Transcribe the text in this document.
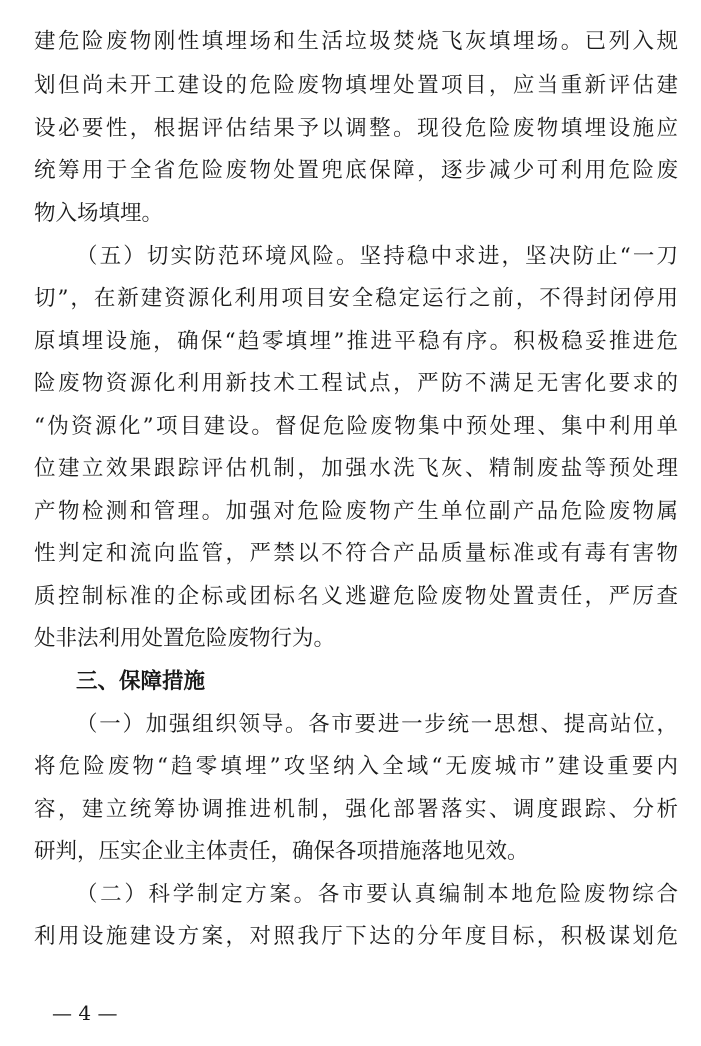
建危险废物刚性填埋场和生活垃圾焚烧飞灰填埋场。已列入规
划但尚未开工建设的危险废物填埋处置项目，应当重新评估建
设必要性，根据评估结果予以调整。现役危险废物填埋设施应
统筹用于全省危险废物处置兜底保障，逐步减少可利用危险废
物入场填埋。
（五）切实防范环境风险。坚持稳中求进，坚决防止“一刀
切”，在新建资源化利用项目安全稳定运行之前，不得封闭停用
原填埋设施，确保“趋零填埋”推进平稳有序。积极稳妥推进危
险废物资源化利用新技术工程试点，严防不满足无害化要求的
“伪资源化”项目建设。督促危险废物集中预处理、集中利用单
位建立效果跟踪评估机制，加强水洗飞灰、精制废盐等预处理
产物检测和管理。加强对危险废物产生单位副产品危险废物属
性判定和流向监管，严禁以不符合产品质量标准或有毒有害物
质控制标准的企标或团标名义逃避危险废物处置责任，严厉查
处非法利用处置危险废物行为。
三、保障措施
（一）加强组织领导。各市要进一步统一思想、提高站位，
将危险废物“趋零填埋”攻坚纳入全域“无废城市”建设重要内
容，建立统筹协调推进机制，强化部署落实、调度跟踪、分析
研判，压实企业主体责任，确保各项措施落地见效。
（二）科学制定方案。各市要认真编制本地危险废物综合
利用设施建设方案，对照我厅下达的分年度目标，积极谋划危
— 4 —
